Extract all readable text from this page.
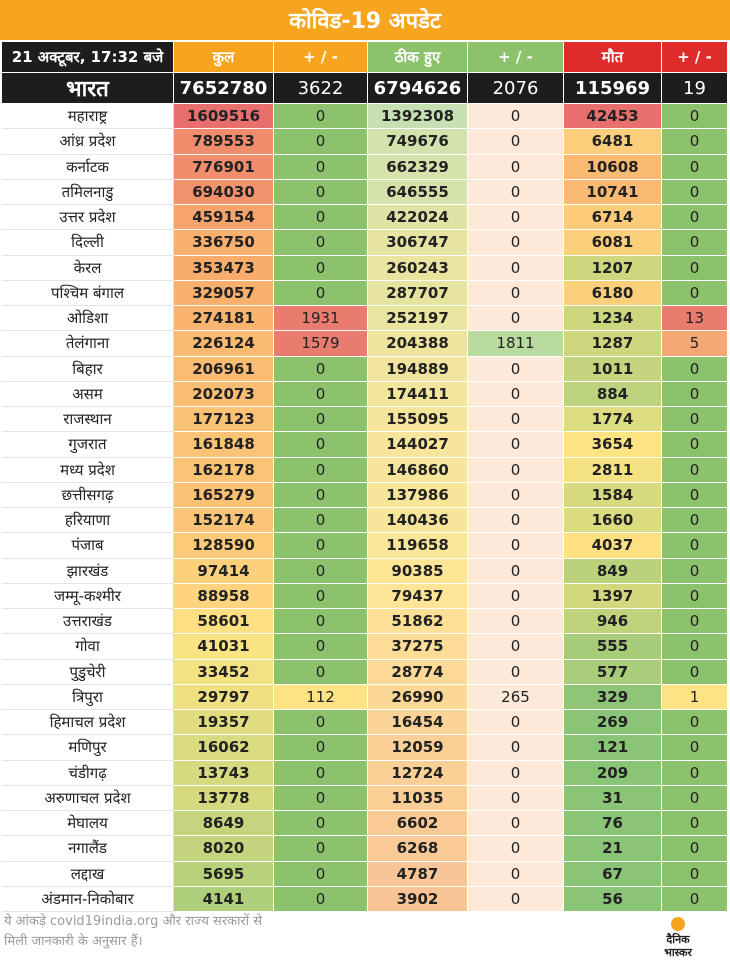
कोविड-19 अपडेट
21 अक्टूबर, 17:32 बजे	कुल	+ / -	ठीक हुए	+ / -	मौत	+ / -
भारत	7652780	3622	6794626	2076	115969	19
महाराष्ट्र	1609516	0	1392308	0	42453	0
आंध्र प्रदेश	789553	0	749676	0	6481	0
कर्नाटक	776901	0	662329	0	10608	0
तमिलनाडु	694030	0	646555	0	10741	0
उत्तर प्रदेश	459154	0	422024	0	6714	0
दिल्ली	336750	0	306747	0	6081	0
केरल	353473	0	260243	0	1207	0
पश्चिम बंगाल	329057	0	287707	0	6180	0
ओडिशा	274181	1931	252197	0	1234	13
तेलंगाना	226124	1579	204388	1811	1287	5
बिहार	206961	0	194889	0	1011	0
असम	202073	0	174411	0	884	0
राजस्थान	177123	0	155095	0	1774	0
गुजरात	161848	0	144027	0	3654	0
मध्य प्रदेश	162178	0	146860	0	2811	0
छत्तीसगढ़	165279	0	137986	0	1584	0
हरियाणा	152174	0	140436	0	1660	0
पंजाब	128590	0	119658	0	4037	0
झारखंड	97414	0	90385	0	849	0
जम्मू-कश्मीर	88958	0	79437	0	1397	0
उत्तराखंड	58601	0	51862	0	946	0
गोवा	41031	0	37275	0	555	0
पुडुचेरी	33452	0	28774	0	577	0
त्रिपुरा	29797	112	26990	265	329	1
हिमाचल प्रदेश	19357	0	16454	0	269	0
मणिपुर	16062	0	12059	0	121	0
चंडीगढ़	13743	0	12724	0	209	0
अरुणाचल प्रदेश	13778	0	11035	0	31	0
मेघालय	8649	0	6602	0	76	0
नगालैंड	8020	0	6268	0	21	0
लद्दाख	5695	0	4787	0	67	0
अंडमान-निकोबार	4141	0	3902	0	56	0
ये आंकड़े covid19india.org और राज्य सरकारों से
मिली जानकारी के अनुसार हैं।	दैनिक
भास्कर
